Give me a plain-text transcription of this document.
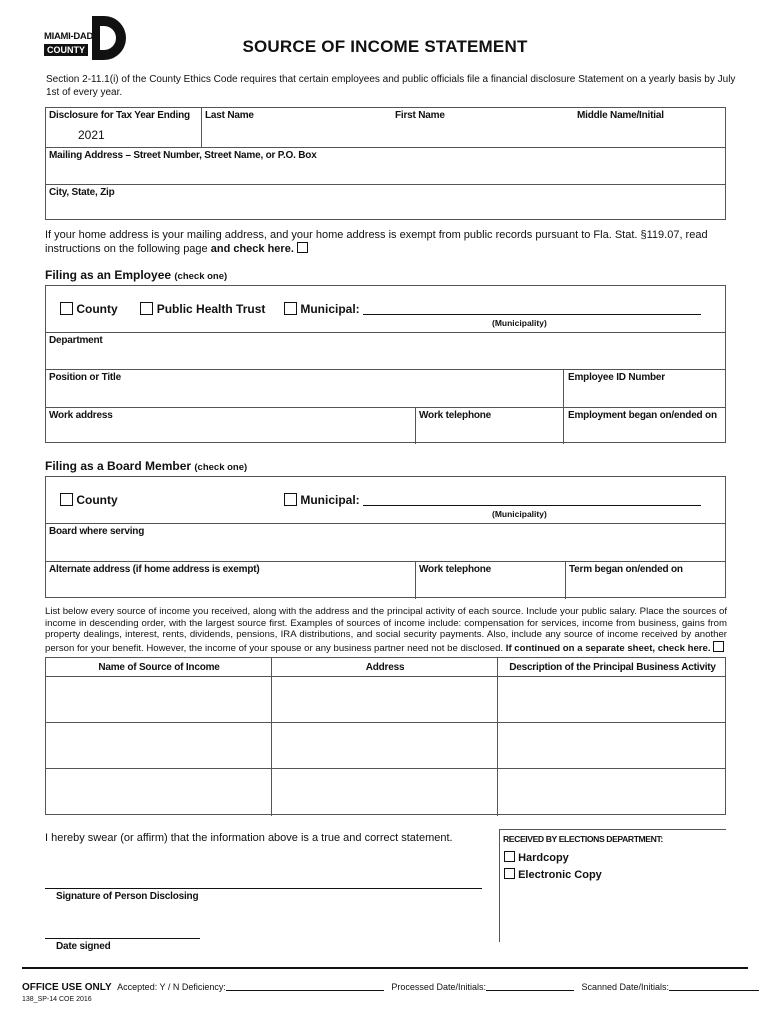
MIAMI-DADE
COUNTY	SOURCE OF INCOME STATEMENT
Section 2-11.1(i) of the County Ethics Code requires that certain employees and public officials file a financial disclosure Statement on a yearly basis by July 1st of every year.
Disclosure for Tax Year Ending
2021
Last Name	First Name	Middle Name/Initial
Mailing Address – Street Number, Street Name, or P.O. Box
City, State, Zip
If your home address is your mailing address, and your home address is exempt from public records pursuant to Fla. Stat. §119.07, read instructions on the following page and check here.
Filing as an Employee (check one)
County	Public Health Trust	Municipal:
(Municipality)
Department
Position or Title	Employee ID Number
Work address	Work telephone	Employment began on/ended on
Filing as a Board Member (check one)
County	Municipal:
(Municipality)
Board where serving
Alternate address (if home address is exempt)	Work telephone	Term began on/ended on
List below every source of income you received, along with the address and the principal activity of each source. Include your public salary. Place the sources of income in descending order, with the largest source first. Examples of sources of income include: compensation for services, income from business, gains from property dealings, interest, rents, dividends, pensions, IRA distributions, and social security payments. Also, include any source of income received by another person for your benefit. However, the income of your spouse or any business partner need not be disclosed. If continued on a separate sheet, check here.
Name of Source of Income	Address	Description of the Principal Business Activity
I hereby swear (or affirm) that the information above is a true and correct statement.	RECEIVED BY ELECTIONS DEPARTMENT:
Hardcopy
Electronic Copy
Signature of Person Disclosing
Date signed
OFFICE USE ONLY Accepted: Y / N Deficiency:	Processed Date/Initials:	Scanned Date/Initials:
138_SP-14 COE 2016
